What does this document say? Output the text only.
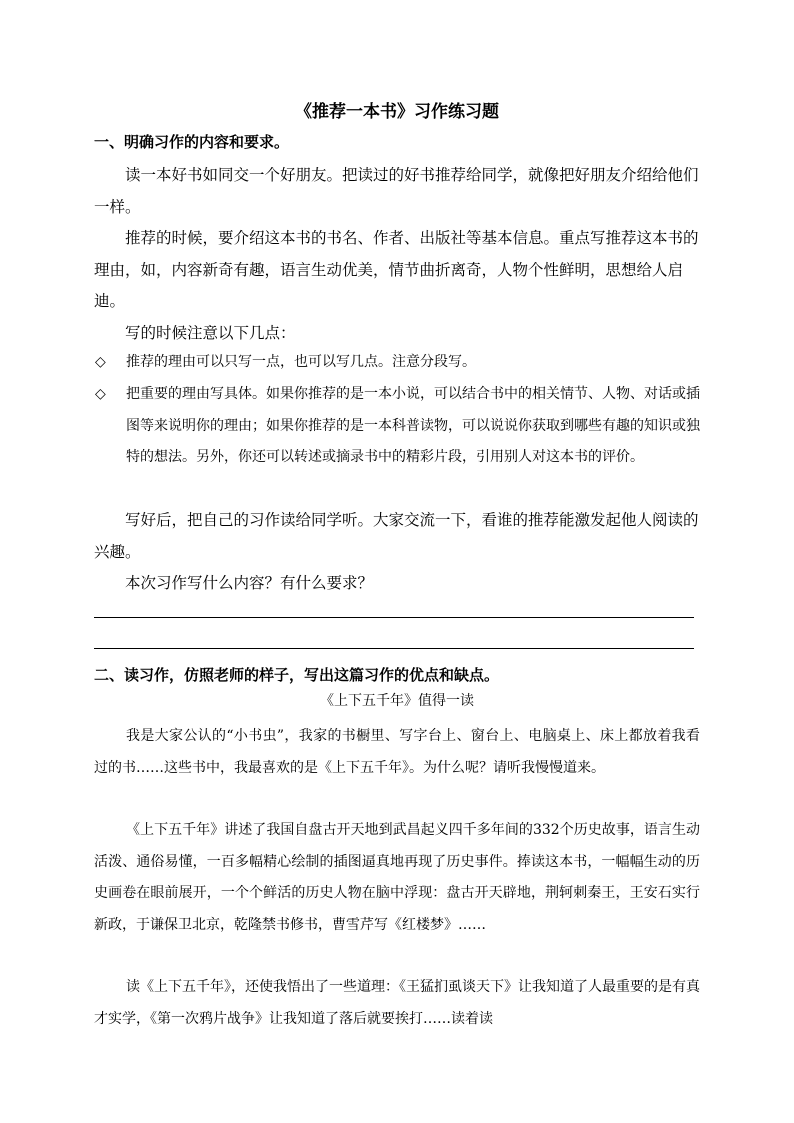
《推荐一本书》习作练习题
一、明确习作的内容和要求。
读一本好书如同交一个好朋友。把读过的好书推荐给同学，就像把好朋友介绍给他们一样。
推荐的时候，要介绍这本书的书名、作者、出版社等基本信息。重点写推荐这本书的理由，如，内容新奇有趣，语言生动优美，情节曲折离奇，人物个性鲜明，思想给人启迪。
写的时候注意以下几点：
◇ 推荐的理由可以只写一点，也可以写几点。注意分段写。
◇ 把重要的理由写具体。如果你推荐的是一本小说，可以结合书中的相关情节、人物、对话或插图等来说明你的理由；如果你推荐的是一本科普读物，可以说说你获取到哪些有趣的知识或独特的想法。另外，你还可以转述或摘录书中的精彩片段，引用别人对这本书的评价。
写好后，把自己的习作读给同学听。大家交流一下，看谁的推荐能激发起他人阅读的兴趣。
本次习作写什么内容？有什么要求？
二、读习作，仿照老师的样子，写出这篇习作的优点和缺点。
《上下五千年》值得一读
我是大家公认的“小书虫”，我家的书橱里、写字台上、窗台上、电脑桌上、床上都放着我看过的书……这些书中，我最喜欢的是《上下五千年》。为什么呢？请听我慢慢道来。
《上下五千年》讲述了我国自盘古开天地到武昌起义四千多年间的332个历史故事，语言生动活泼、通俗易懂，一百多幅精心绘制的插图逼真地再现了历史事件。捧读这本书，一幅幅生动的历史画卷在眼前展开，一个个鲜活的历史人物在脑中浮现：盘古开天辟地，荆轲刺秦王，王安石实行新政，于谦保卫北京，乾隆禁书修书，曹雪芹写《红楼梦》……
读《上下五千年》，还使我悟出了一些道理：《王猛扪虱谈天下》让我知道了人最重要的是有真才实学，《第一次鸦片战争》让我知道了落后就要挨打……读着读
